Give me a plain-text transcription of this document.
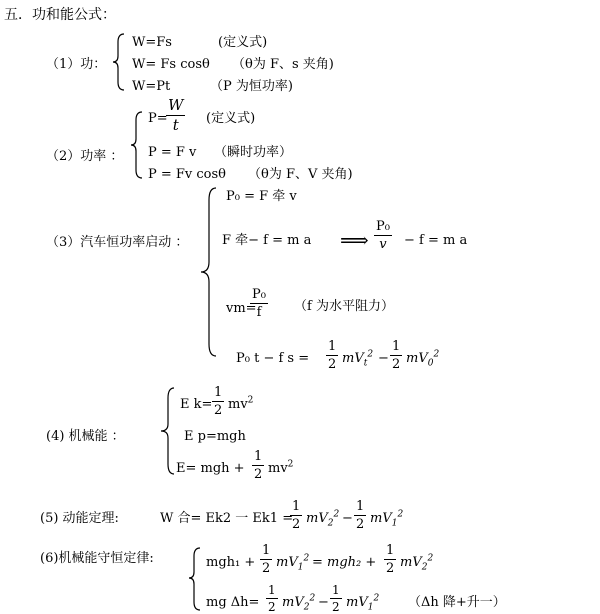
五．功和能公式：
（1）功：
W=Fs	(定义式)
W= Fs cosθ （θ为 F、s 夹角)
W=Pt	（P 为恒功率)
（2）功率 ：
P=
$\frac{W}{t}$ (定义式)
P = F v （瞬时功率）
P = Fv cosθ （θ为 F、V 夹角)
（3）汽车恒功率启动 ：
P₀ = F 牵 v
F 牵− f = m a ⟹ $\frac{\text{P₀}}{v} - f = m$ a
vm=
$\frac{\text{P₀}}{f} (f$ 为水平阻力）
P₀ t − f $s = \frac{1}{2} mV_t^2 - \frac{1}{2} mV_0^2$
(4) 机械能 ：
E $k= \frac{1}{2} mv^2$
E p=mgh
E= mgh + $\frac{1}{2} mv^2$
(5) 动能定理:	W 合= Ek2 一 Ek1 =
$\frac{1}{2} mV_2^2 - \frac{1}{2} mV_1^2$
(6)机械能守恒定律:	$mgh_1 + \frac{1}{2} mV_1^2 = mgh_2 + \frac{1}{2} mV_2^2$
mg $\Delta h= \frac{1}{2} mV_2^2 - \frac{1}{2} mV_1^2$ （Δh 降+升一）
